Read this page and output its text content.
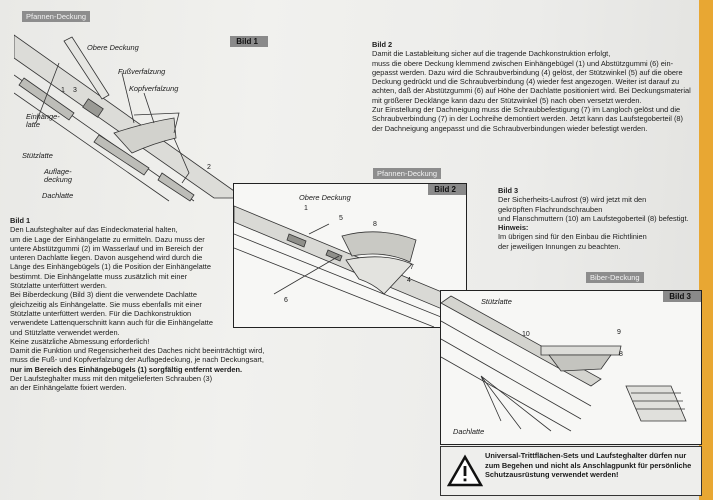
Pfannen-Deckung
Pfannen-Deckung
Biber-Deckung
Bild 1
Obere Deckung
Fußverfalzung
Kopfverfalzung
Einhänge-
latte
Stützlatte
Auflage-
deckung
Dachlatte
1 3
2

Bild 2

Damit die Lastableitung sicher auf die tragende Dachkonstruktion erfolgt,

muss die obere Deckung klemmend zwischen Einhängebügel (1) und Abstützgummi (6) ein-

gepasst werden. Dazu wird die Schraubverbindung (4) gelöst, der Stützwinkel (5) auf die obere

Deckung gedrückt und die Schraubverbindung (4) wieder fest angezogen. Weiter ist darauf zu

achten, daß der Abstützgummi (6) auf Höhe der Dachlatte positioniert wird. Bei Deckungsmaterial

mit größerer Decklänge kann dazu der Stützwinkel (5) nach oben versetzt werden.

Zur Einstellung der Dachneigung muss die Schraubbefestigung (7) im Langloch gelöst und die

Schraubverbindung (7) in der Lochreihe demontiert werden. Jetzt kann das Laufstegoberteil (8)

der Dachneigung angepasst und die Schraubverbindungen wieder befestigt werden.

Bild 2
Obere Deckung
1
5
8
7
4
6

Bild 3

Der Sicherheits-Laufrost (9) wird jetzt mit den

gekröpften Flachrundschrauben

und Flanschmuttern (10) am Laufstegoberteil (8) befestigt.

Hinweis:

Im übrigen sind für den Einbau die Richtlinien

der jeweiligen Innungen zu beachten.

Bild 1

Den Laufsteghalter auf das Eindeckmaterial halten,

um die Lage der Einhängelatte zu ermitteln. Dazu muss der

untere Abstützgummi (2) im Wasserlauf und im Bereich der

unteren Dachlatte liegen. Davon ausgehend wird durch die

Länge des Einhängebügels (1) die Position der Einhängelatte

bestimmt. Die Einhängelatte muss zusätzlich mit einer

Stützlatte unterfüttert werden.

Bei Biberdeckung (Bild 3) dient die verwendete Dachlatte

gleichzeitig als Einhängelatte. Sie muss ebenfalls mit einer

Stützlatte unterfüttert werden. Für die Dachkonstruktion

verwendete Lattenquerschnitt kann auch für die Einhängelatte

und Stützlatte verwendet werden.

Keine zusätzliche Abmessung erforderlich!

Damit die Funktion und Regensicherheit des Daches nicht beeinträchtigt wird,

muss die Fuß- und Kopfverfalzung der Auflagedeckung, je nach Deckungsart,

nur im Bereich des Einhängebügels (1) sorgfältig entfernt werden.

Der Laufsteghalter muss mit den mitgelieferten Schrauben (3)

an der Einhängelatte fixiert werden.

Bild 3
Stützlatte
Dachlatte
10	9
8
Universal-Trittflächen-Sets und Laufsteghalter dürfen nur
zum Begehen und nicht als Anschlagpunkt für persönliche
Schutzausrüstung verwendet werden!
